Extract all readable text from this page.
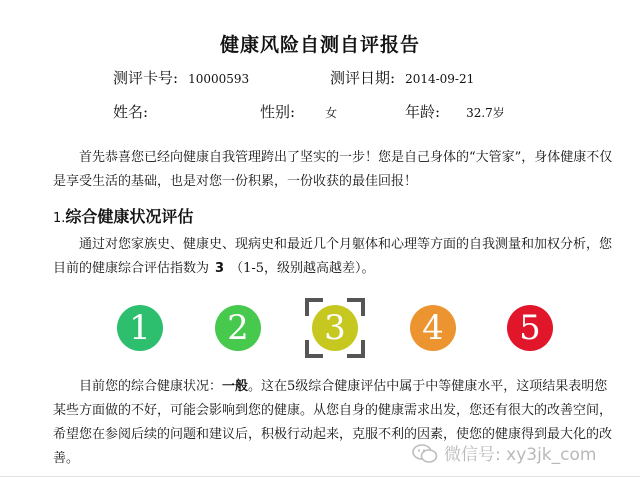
健康风险自测自评报告
测评卡号: 10000593	测评日期: 2014-09-21
姓名:	性别:	女	年龄: 32.7岁
首先恭喜您已经向健康自我管理跨出了坚实的一步！您是自己身体的“大管家”，身体健康不仅是享受生活的基础，也是对您一份积累，一份收获的最佳回报！
1.综合健康状况评估
通过对您家族史、健康史、现病史和最近几个月躯体和心理等方面的自我测量和加权分析，您目前的健康综合评估指数为 3 （1-5，级别越高越差）。
1	2	3	4	5
目前您的综合健康状况：一般。这在5级综合健康评估中属于中等健康水平，这项结果表明您某些方面做的不好，可能会影响到您的健康。从您自身的健康需求出发，您还有很大的改善空间，希望您在参阅后续的问题和建议后，积极行动起来，克服不利的因素，使您的健康得到最大化的改善。	微信号: xy3jk_com
